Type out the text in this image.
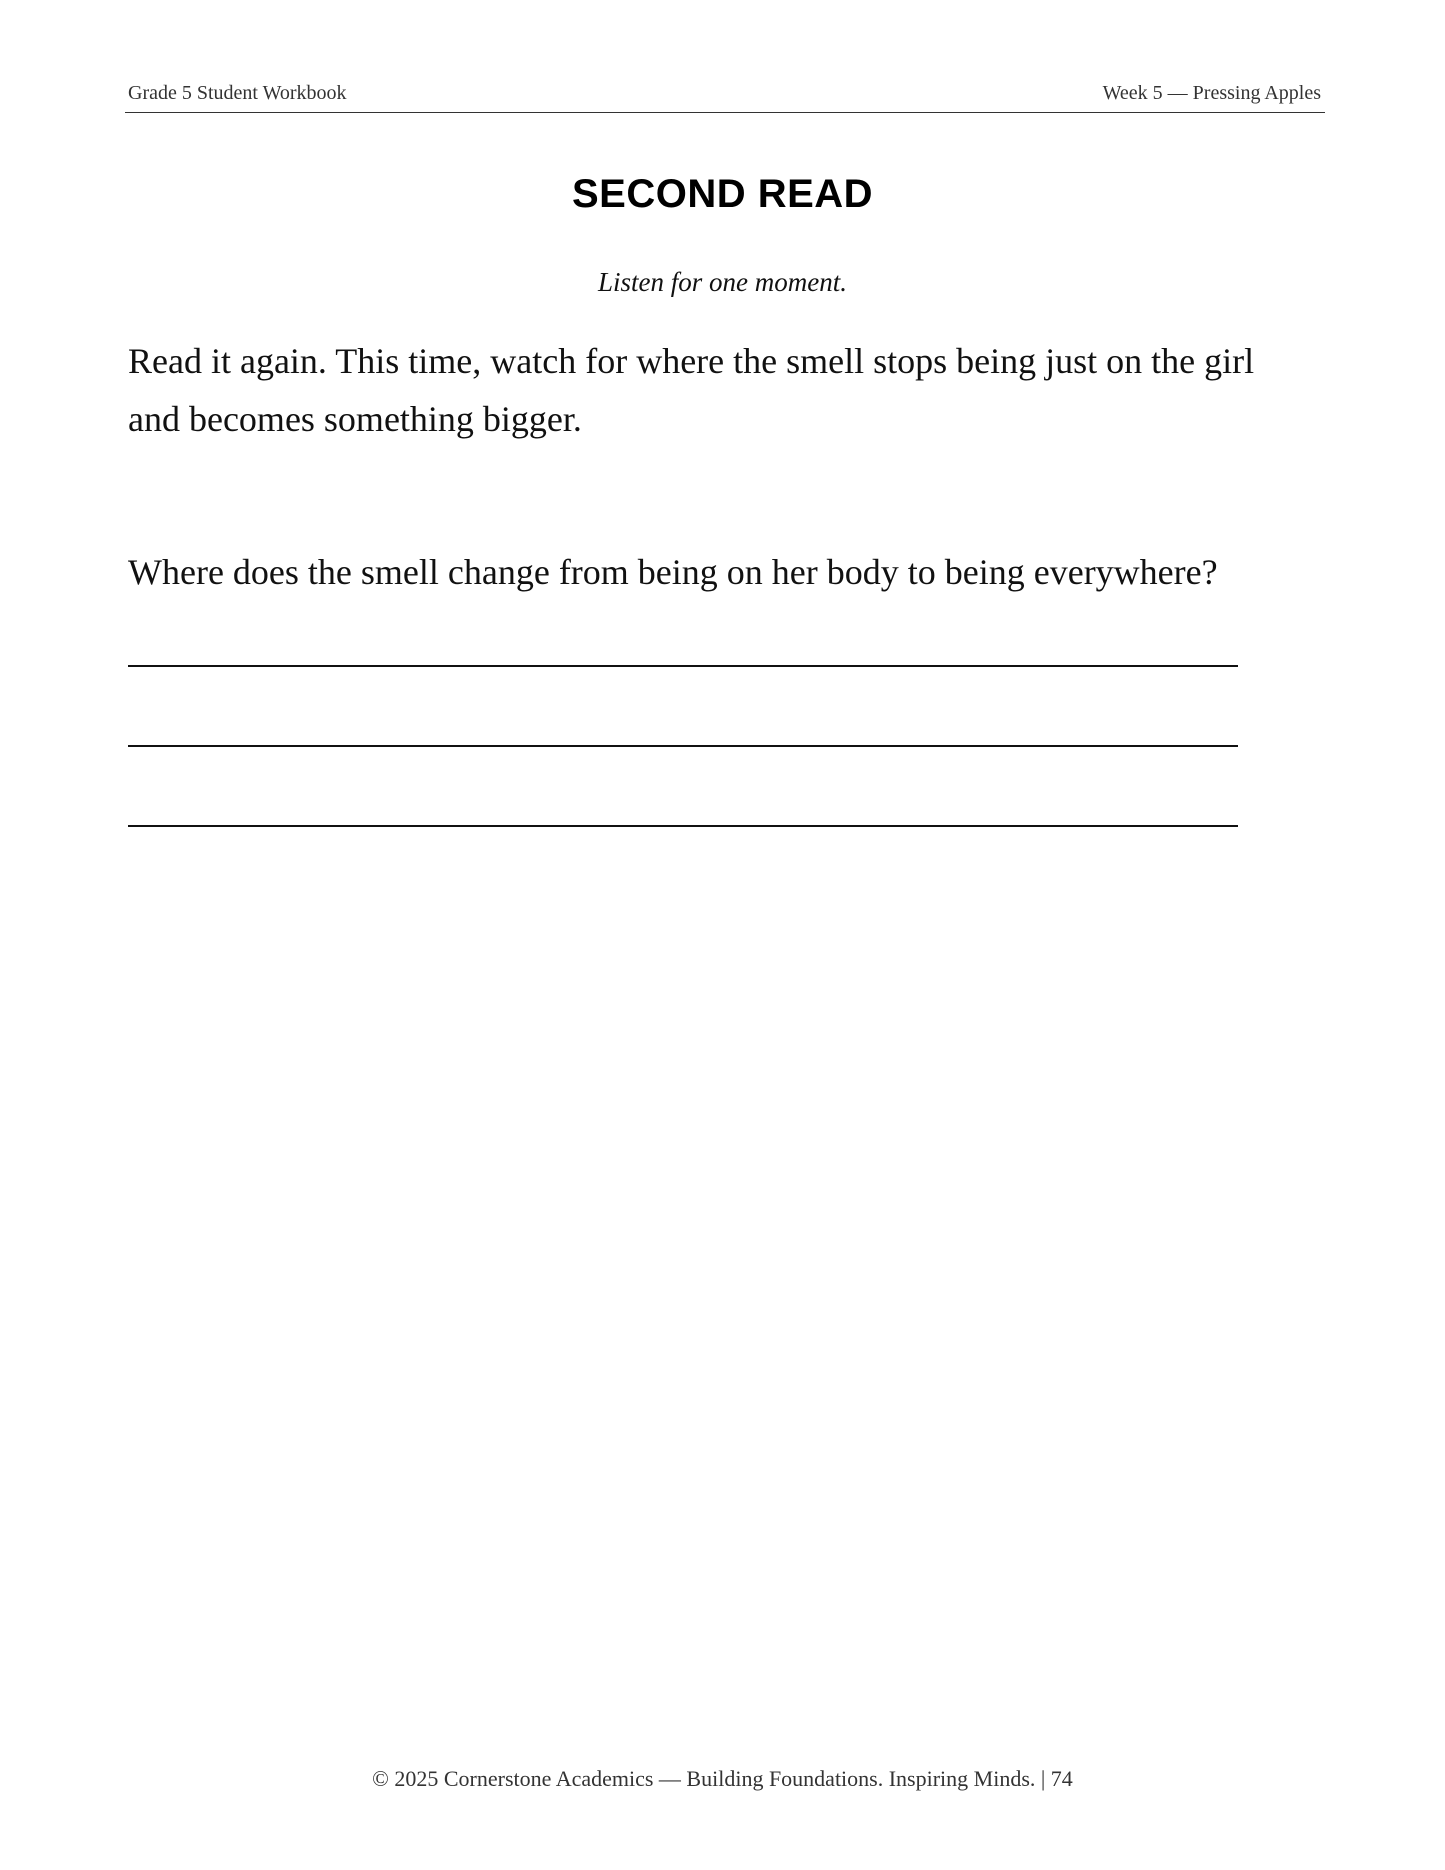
Grade 5 Student Workbook	Week 5 — Pressing Apples
SECOND READ
Listen for one moment.
Read it again. This time, watch for where the smell stops being just on the girl and becomes something bigger.
Where does the smell change from being on her body to being everywhere?
© 2025 Cornerstone Academics — Building Foundations. Inspiring Minds. | 74
